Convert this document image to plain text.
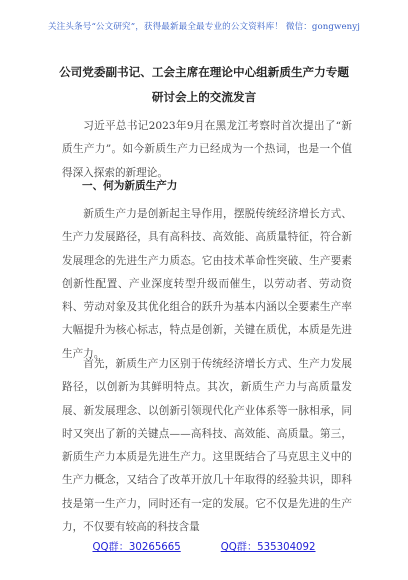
关注头条号“公文研究”，获得最新最全最专业的公文资料库！ 微信：gongwenyj
公司党委副书记、工会主席在理论中心组新质生产力专题
研讨会上的交流发言
习近平总书记2023年9月在黑龙江考察时首次提出了“新质生产力”。如今新质生产力已经成为一个热词，也是一个值得深入探索的新理论。
一、何为新质生产力
新质生产力是创新起主导作用，摆脱传统经济增长方式、生产力发展路径，具有高科技、高效能、高质量特征，符合新发展理念的先进生产力质态。它由技术革命性突破、生产要素创新性配置、产业深度转型升级而催生，以劳动者、劳动资料、劳动对象及其优化组合的跃升为基本内涵以全要素生产率大幅提升为核心标志，特点是创新，关键在质优，本质是先进生产力。
首先，新质生产力区别于传统经济增长方式、生产力发展路径，以创新为其鲜明特点。其次，新质生产力与高质量发展、新发展理念、以创新引领现代化产业体系等一脉相承，同时又突出了新的关键点——高科技、高效能、高质量。第三，新质生产力本质是先进生产力。这里既结合了马克思主义中的生产力概念，又结合了改革开放几十年取得的经验共识，即科技是第一生产力，同时还有一定的发展。它不仅是先进的生产力，不仅要有较高的科技含量
QQ群：30265665	QQ群：535304092
